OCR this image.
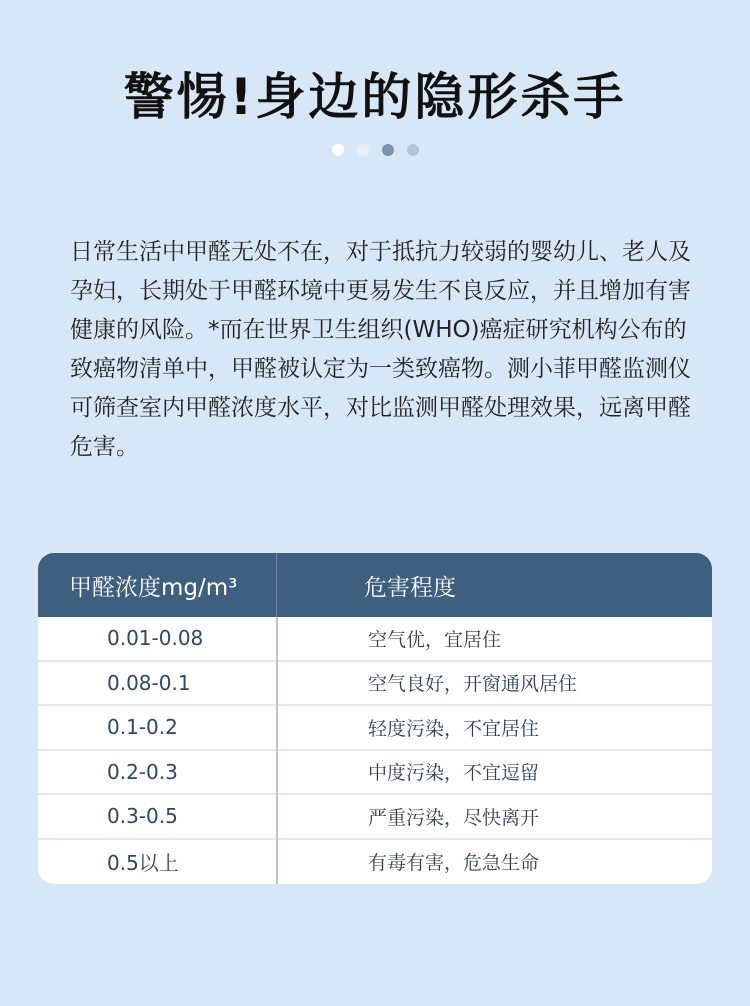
警惕!身边的隐形杀手

日常生活中甲醛无处不在，对于抵抗力较弱的婴幼儿、老人及孕妇，长期处于甲醛环境中更易发生不良反应，并且增加有害健康的风险。*而在世界卫生组织(WHO)癌症研究机构公布的致癌物清单中，甲醛被认定为一类致癌物。测小菲甲醛监测仪可筛查室内甲醛浓度水平，对比监测甲醛处理效果，远离甲醛危害。

甲醛浓度mg/m³	危害程度
0.01-0.08	空气优，宜居住
0.08-0.1	空气良好，开窗通风居住
0.1-0.2	轻度污染，不宜居住
0.2-0.3	中度污染，不宜逗留
0.3-0.5	严重污染，尽快离开
0.5以上	有毒有害，危急生命
